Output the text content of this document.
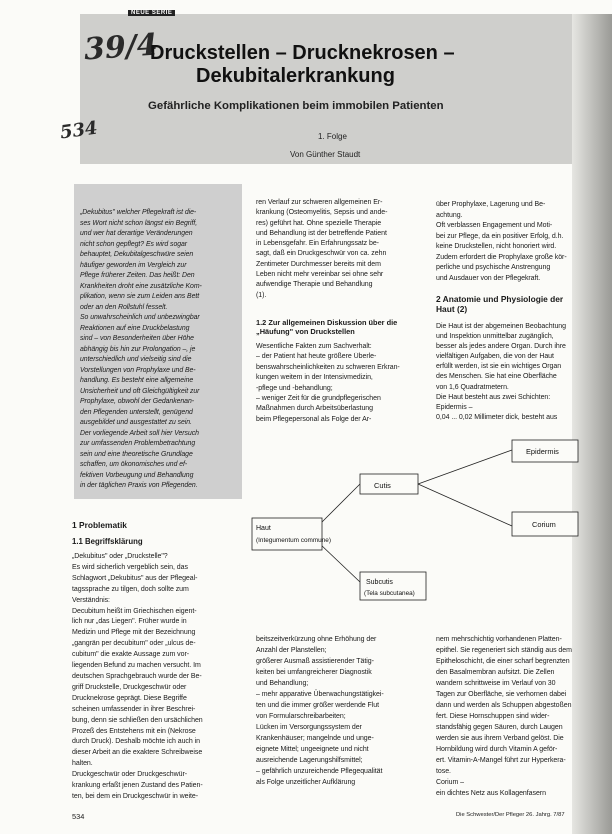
NEUE SERIE
39/4
534
Druckstellen – Drucknekrosen –
Dekubitalerkrankung
Gefährliche Komplikationen beim immobilen Patienten
1. Folge
Von Günther Staudt
„Dekubitus" welcher Pflegekraft ist die-
ses Wort nicht schon längst ein Begriff,
und wer hat derartige Veränderungen
nicht schon gepflegt? Es wird sogar
behauptet, Dekubitalgeschwüre seien
häufiger geworden im Vergleich zur
Pflege früherer Zeiten. Das heißt: Den
Krankheiten droht eine zusätzliche Kom-
plikation, wenn sie zum Leiden ans Bett
oder an den Rollstuhl fesselt.
So unwahrscheinlich und unbezwingbar
Reaktionen auf eine Druckbelastung
sind – von Besonderheiten über Höhe
abhängig bis hin zur Prolongation –, je
unterschiedlich und vielseitig sind die
Vorstellungen von Prophylaxe und Be-
handlung. Es besteht eine allgemeine
Unsicherheit und oft Gleichgültigkeit zur
Prophylaxe, obwohl der Gedankenan-
den Pflegenden unterstellt, genügend
ausgebildet und ausgestattet zu sein.
Der vorliegende Arbeit soll hier Versuch
zur umfassenden Problembetrachtung
sein und eine theoretische Grundlage
schaffen, um ökonomisches und ef-
fektiven Vorbeugung und Behandlung
in der täglichen Praxis von Pflegenden.
1 Problematik
1.1 Begriffsklärung
„Dekubitus" oder „Druckstelle"?
Es wird sicherlich vergeblich sein, das
Schlagwort „Dekubitus" aus der Pflegeal-
tagssprache zu tilgen, doch sollte zum
Verständnis:
Decubitum heißt im Griechischen eigent-
lich nur „das Liegen". Früher wurde in
Medizin und Pflege mit der Bezeichnung
„gangrän per decubitum" oder „ulcus de-
cubitum" die exakte Aussage zum vor-
liegenden Befund zu machen versucht. Im
deutschen Sprachgebrauch wurde der Be-
griff Druckstelle, Druckgeschwür oder
Drucknekrose geprägt. Diese Begriffe
scheinen umfassender in ihrer Beschrei-
bung, denn sie schließen den ursächlichen
Prozeß des Entstehens mit ein (Nekrose
durch Druck). Deshalb möchte ich auch in
dieser Arbeit an die exaktere Schreibweise
halten.
Druckgeschwür oder Druckgeschwür-
krankung erfaßt jenen Zustand des Patien-
ten, bei dem ein Druckgeschwür in weite-
ren Verlauf zur schweren allgemeinen Er-
krankung (Osteomyelitis, Sepsis und ande-
res) geführt hat. Ohne spezielle Therapie
und Behandlung ist der betreffende Patient
in Lebensgefahr. Ein Erfahrungssatz be-
sagt, daß ein Druckgeschwür von ca. zehn
Zentimeter Durchmesser bereits mit dem
Leben nicht mehr vereinbar sei ohne sehr
aufwendige Therapie und Behandlung
(1).
1.2 Zur allgemeinen Diskussion über die „Häufung" von Druckstellen
Wesentliche Fakten zum Sachverhalt:
– der Patient hat heute größere Überle-
benswahrscheinlichkeiten zu schweren Erkran-
kungen weitem in der Intensivmedizin,
-pflege und -behandlung;
– weniger Zeit für die grundpflegerischen
Maßnahmen durch Arbeitsüberlastung
beim Pflegepersonal als Folge der Ar-
über Prophylaxe, Lagerung und Be-
achtung.
Oft verblassen Engagement und Moti-
bei zur Pflege, da ein positiver Erfolg, d.h.
keine Druckstellen, nicht honoriert wird.
Zudem erfordert die Prophylaxe große kör-
perliche und psychische Anstrengung
und Ausdauer von der Pflegekraft.
2 Anatomie und Physiologie der Haut (2)
Die Haut ist der abgemeinen Beobachtung
und Inspektion unmittelbar zugänglich,
besser als jedes andere Organ. Durch ihre
vielfältigen Aufgaben, die von der Haut
erfüllt werden, ist sie ein wichtiges Organ
des Menschen. Sie hat eine Oberfläche
von 1,6 Quadratmetern.
Die Haut besteht aus zwei Schichten:
Epidermis –
0,04 ... 0,02 Millimeter dick, besteht aus
Epidermis
Cutis
Corium
Haut
(Integumentum commune)
Subcutis
(Tela subcutanea)
beitszeitverkürzung ohne Erhöhung der
Anzahl der Planstellen;
größerer Ausmaß assistierender Tätig-
keiten bei umfangreicherer Diagnostik
und Behandlung;
– mehr apparative Überwachungstätigkei-
ten und die immer größer werdende Flut
von Formularschreibarbeiten;
Lücken im Versorgungssystem der
Krankenhäuser; mangelnde und unge-
eignete Mittel; ungeeignete und nicht
ausreichende Lagerungshilfsmittel;
– gefährlich unzureichende Pflegequalität
als Folge unzeitlicher Aufklärung
nem mehrschichtig vorhandenen Platten-
epithel. Sie regeneriert sich ständig aus dem
Epitheloschicht, die einer scharf begrenzten
den Basalmembran aufsitzt. Die Zellen
wandern schrittweise im Verlauf von 30
Tagen zur Oberfläche, sie verhornen dabei
dann und werden als Schuppen abgestoßen
fert. Diese Hornschuppen sind wider-
standsfähig gegen Säuren, durch Laugen
werden sie aus ihrem Verband gelöst. Die
Hornbildung wird durch Vitamin A geför-
ert. Vitamin-A-Mangel führt zur Hyperkera-
tose.
Corium –
ein dichtes Netz aus Kollagenfasern
534	Die Schwester/Der Pfleger 26. Jahrg. 7/87
